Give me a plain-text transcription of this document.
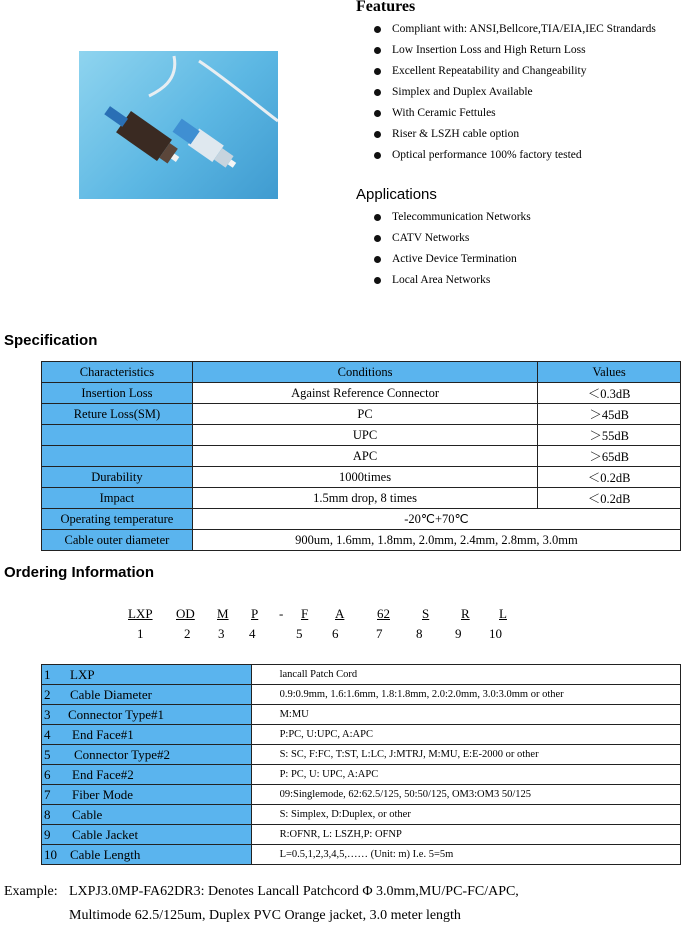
Features
Compliant with: ANSI,Bellcore,TIA/EIA,IEC Strandards
Low Insertion Loss and High Return Loss
Excellent Repeatability and Changeability
Simplex and Duplex Available
With Ceramic Fettules
Riser & LSZH cable option
Optical performance 100% factory tested
Applications
Telecommunication Networks
CATV Networks
Active Device Termination
Local Area Networks
Specification
Characteristics	Conditions	Values
Insertion Loss	Against Reference Connector	＜0.3dB
Reture Loss(SM)	PC	＞45dB
	UPC	＞55dB
	APC	＞65dB
Durability	1000times	＜0.2dB
Impact	1.5mm drop, 8 times	＜0.2dB
Operating temperature	-20℃+70℃	
Cable outer diameter	900um, 1.6mm, 1.8mm, 2.0mm, 2.4mm, 2.8mm, 3.0mm	
Ordering Information
LXP OD M P - F A	62 S R L
1	2 3 4	5 6	7	8	9 10
1 LXP	lancall Patch Cord
2 Cable Diameter	0.9:0.9mm, 1.6:1.6mm, 1.8:1.8mm, 2.0:2.0mm, 3.0:3.0mm or other
3 Connector Type#1	M:MU
4 End Face#1	P:PC, U:UPC, A:APC
5 Connector Type#2	S: SC, F:FC, T:ST, L:LC, J:MTRJ, M:MU, E:E-2000 or other
6 End Face#2	P: PC, U: UPC, A:APC
7 Fiber Mode	09:Singlemode, 62:62.5/125, 50:50/125, OM3:OM3 50/125
8 Cable	S: Simplex, D:Duplex, or other
9 Cable Jacket	R:OFNR, L: LSZH,P: OFNP
10 Cable Length	L=0.5,1,2,3,4,5,…… (Unit: m) I.e. 5=5m
Example: LXPJ3.0MP-FA62DR3: Denotes Lancall Patchcord Φ 3.0mm,MU/PC-FC/APC,
Multimode 62.5/125um, Duplex PVC Orange jacket, 3.0 meter length
